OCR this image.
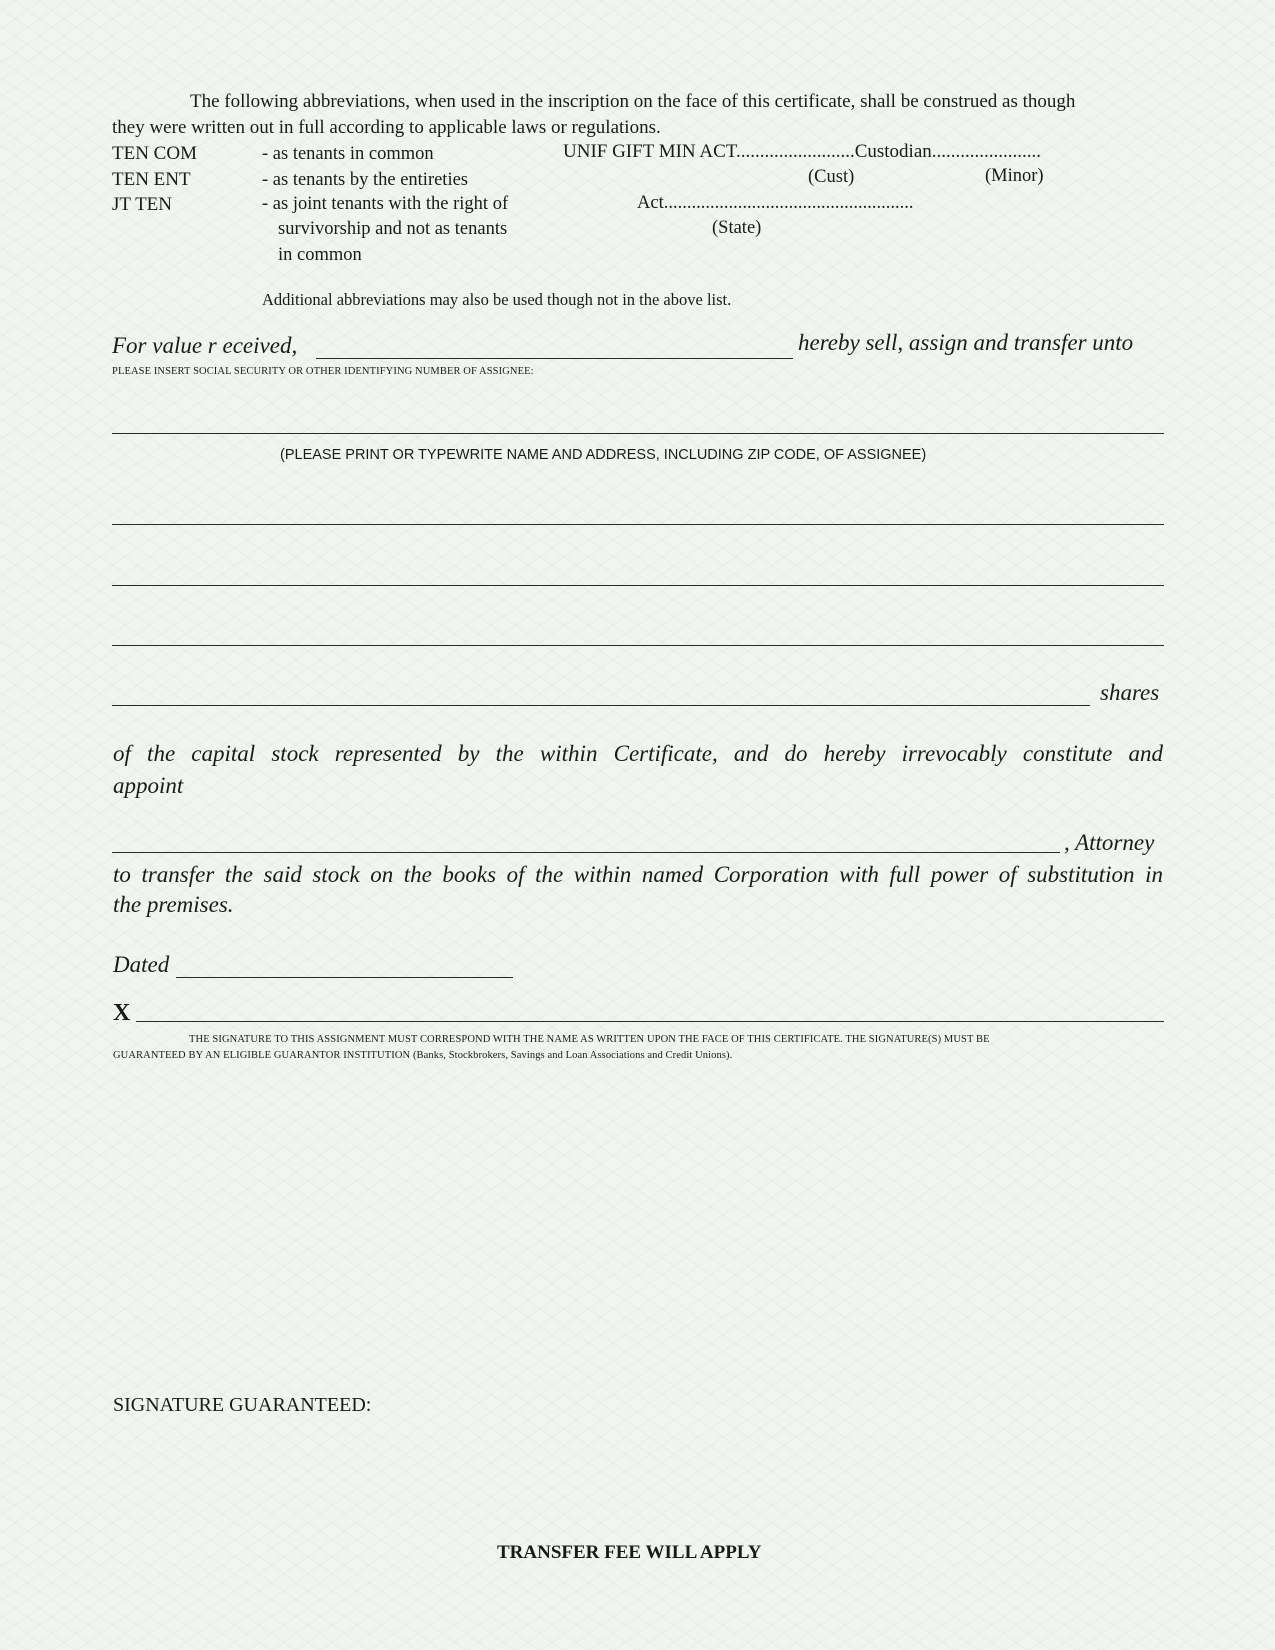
The following abbreviations, when used in the inscription on the face of this certificate, shall be construed as though
they were written out in full according to applicable laws or regulations.
TEN COM	- as tenants in common
TEN ENT	- as tenants by the entireties
JT TEN	- as joint tenants with the right of
survivorship and not as tenants
in common
UNIF GIFT MIN ACT.........................Custodian.......................
(Cust)	(Minor)
Act......................................................
(State)
Additional abbreviations may also be used though not in the above list.
For value r eceived,	hereby sell, assign and transfer unto
PLEASE INSERT SOCIAL SECURITY OR OTHER IDENTIFYING NUMBER OF ASSIGNEE:
(PLEASE PRINT OR TYPEWRITE NAME AND ADDRESS, INCLUDING ZIP CODE, OF ASSIGNEE)
shares
of the capital stock represented by the within Certificate, and do hereby irrevocably constitute and
appoint
, Attorney
to transfer the said stock on the books of the within named Corporation with full power of substitution in
the premises.
Dated
X
THE SIGNATURE TO THIS ASSIGNMENT MUST CORRESPOND WITH THE NAME AS WRITTEN UPON THE FACE OF THIS CERTIFICATE. THE SIGNATURE(S) MUST BE
GUARANTEED BY AN ELIGIBLE GUARANTOR INSTITUTION (Banks, Stockbrokers, Savings and Loan Associations and Credit Unions).
SIGNATURE GUARANTEED:
TRANSFER FEE WILL APPLY
